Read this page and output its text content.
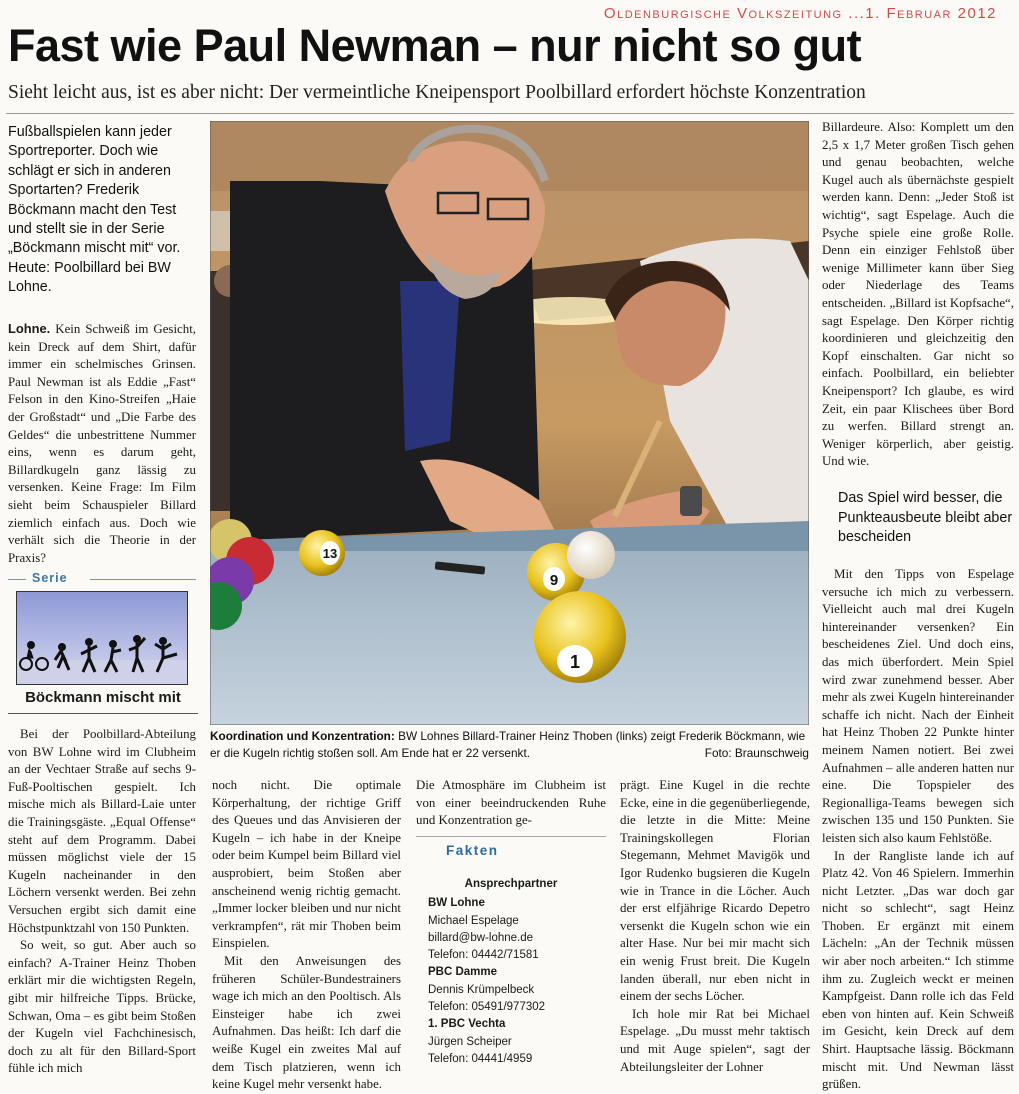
Oldenburgische Volkszeitung ...1. Februar 2012
Fast wie Paul Newman – nur nicht so gut
Sieht leicht aus, ist es aber nicht: Der vermeintliche Kneipensport Poolbillard erfordert höchste Konzentration
Fußballspielen kann jeder Sportreporter. Doch wie schlägt er sich in anderen Sportarten? Frederik Böckmann macht den Test und stellt sie in der Serie „Böckmann mischt mit“ vor. Heute: Poolbillard bei BW Lohne.

Lohne. Kein Schweiß im Gesicht, kein Dreck auf dem Shirt, dafür immer ein schelmisches Grinsen. Paul Newman ist als Eddie „Fast“ Felson in den Kino-Streifen „Haie der Großstadt“ und „Die Farbe des Geldes“ die unbestrittene Nummer eins, wenn es darum geht, Billardkugeln ganz lässig zu versenken. Keine Frage: Im Film sieht beim Schauspieler Billard ziemlich einfach aus. Doch wie verhält sich die Theorie in der Praxis?

Serie
Böckmann mischt mit

Bei der Poolbillard-Abteilung von BW Lohne wird im Clubheim an der Vechtaer Straße auf sechs 9-Fuß-Pooltischen gespielt. Ich mische mich als Billard-Laie unter die Trainingsgäste. „Equal Offense“ steht auf dem Programm. Dabei müssen möglichst viele der 15 Kugeln nacheinander in den Löchern versenkt werden. Bei zehn Versuchen ergibt sich damit eine Höchstpunktzahl von 150 Punkten.

So weit, so gut. Aber auch so einfach? A-Trainer Heinz Thoben erklärt mir die wichtigsten Regeln, gibt mir hilfreiche Tipps. Brücke, Schwan, Oma – es gibt beim Stoßen der Kugeln viel Fachchinesisch, doch zu alt für den Billard-Sport fühle ich mich

13
9
1
Koordination und Konzentration: BW Lohnes Billard-Trainer Heinz Thoben (links) zeigt Frederik Böckmann, wie er die Kugeln richtig stoßen soll. Am Ende hat er 22 versenkt.	Foto: Braunschweig

noch nicht. Die optimale Körperhaltung, der richtige Griff des Queues und das Anvisieren der Kugeln – ich habe in der Kneipe oder beim Kumpel beim Billard viel ausprobiert, beim Stoßen aber anscheinend wenig richtig gemacht. „Immer locker bleiben und nur nicht verkrampfen“, rät mir Thoben beim Einspielen.

Mit den Anweisungen des früheren Schüler-Bundestrainers wage ich mich an den Pooltisch. Als Einsteiger habe ich zwei Aufnahmen. Das heißt: Ich darf die weiße Kugel ein zweites Mal auf dem Tisch platzieren, wenn ich keine Kugel mehr versenkt habe.

Die Atmosphäre im Clubheim ist von einer beeindruckenden Ruhe und Konzentration ge-

Fakten
Ansprechpartner
BW Lohne
Michael Espelage
billard@bw-lohne.de
Telefon: 04442/71581
PBC Damme
Dennis Krümpelbeck
Telefon: 05491/977302
1. PBC Vechta
Jürgen Scheiper
Telefon: 04441/4959

prägt. Eine Kugel in die rechte Ecke, eine in die gegenüberliegende, die letzte in die Mitte: Meine Trainingskollegen Florian Stegemann, Mehmet Mavigök und Igor Rudenko bugsieren die Kugeln wie in Trance in die Löcher. Auch der erst elfjährige Ricardo Depetro versenkt die Kugeln schon wie ein alter Hase. Nur bei mir macht sich ein wenig Frust breit. Die Kugeln landen überall, nur eben nicht in einem der sechs Löcher.

Ich hole mir Rat bei Michael Espelage. „Du musst mehr taktisch und mit Auge spielen“, sagt der Abteilungsleiter der Lohner

Billardeure. Also: Komplett um den 2,5 x 1,7 Meter großen Tisch gehen und genau beobachten, welche Kugel auch als übernächste gespielt werden kann. Denn: „Jeder Stoß ist wichtig“, sagt Espelage. Auch die Psyche spiele eine große Rolle. Denn ein einziger Fehlstoß über wenige Millimeter kann über Sieg oder Niederlage des Teams entscheiden. „Billard ist Kopfsache“, sagt Espelage. Den Körper richtig koordinieren und gleichzeitig den Kopf einschalten. Gar nicht so einfach. Poolbillard, ein beliebter Kneipensport? Ich glaube, es wird Zeit, ein paar Klischees über Bord zu werfen. Billard strengt an. Weniger körperlich, aber geistig. Und wie.

Das Spiel wird besser, die Punkteausbeute bleibt aber bescheiden

Mit den Tipps von Espelage versuche ich mich zu verbessern. Vielleicht auch mal drei Kugeln hintereinander versenken? Ein bescheidenes Ziel. Und doch eins, das mich überfordert. Mein Spiel wird zwar zunehmend besser. Aber mehr als zwei Kugeln hintereinander schaffe ich nicht. Nach der Einheit hat Heinz Thoben 22 Punkte hinter meinem Namen notiert. Bei zwei Aufnahmen – alle anderen hatten nur eine. Die Topspieler des Regionalliga-Teams bewegen sich zwischen 135 und 150 Punkten. Sie leisten sich also kaum Fehlstöße.

In der Rangliste lande ich auf Platz 42. Von 46 Spielern. Immerhin nicht Letzter. „Das war doch gar nicht so schlecht“, sagt Heinz Thoben. Er ergänzt mit einem Lächeln: „An der Technik müssen wir aber noch arbeiten.“ Ich stimme ihm zu. Zugleich weckt er meinen Kampfgeist. Dann rolle ich das Feld eben von hinten auf. Kein Schweiß im Gesicht, kein Dreck auf dem Shirt. Hauptsache lässig. Böckmann mischt mit. Und Newman lässt grüßen.
